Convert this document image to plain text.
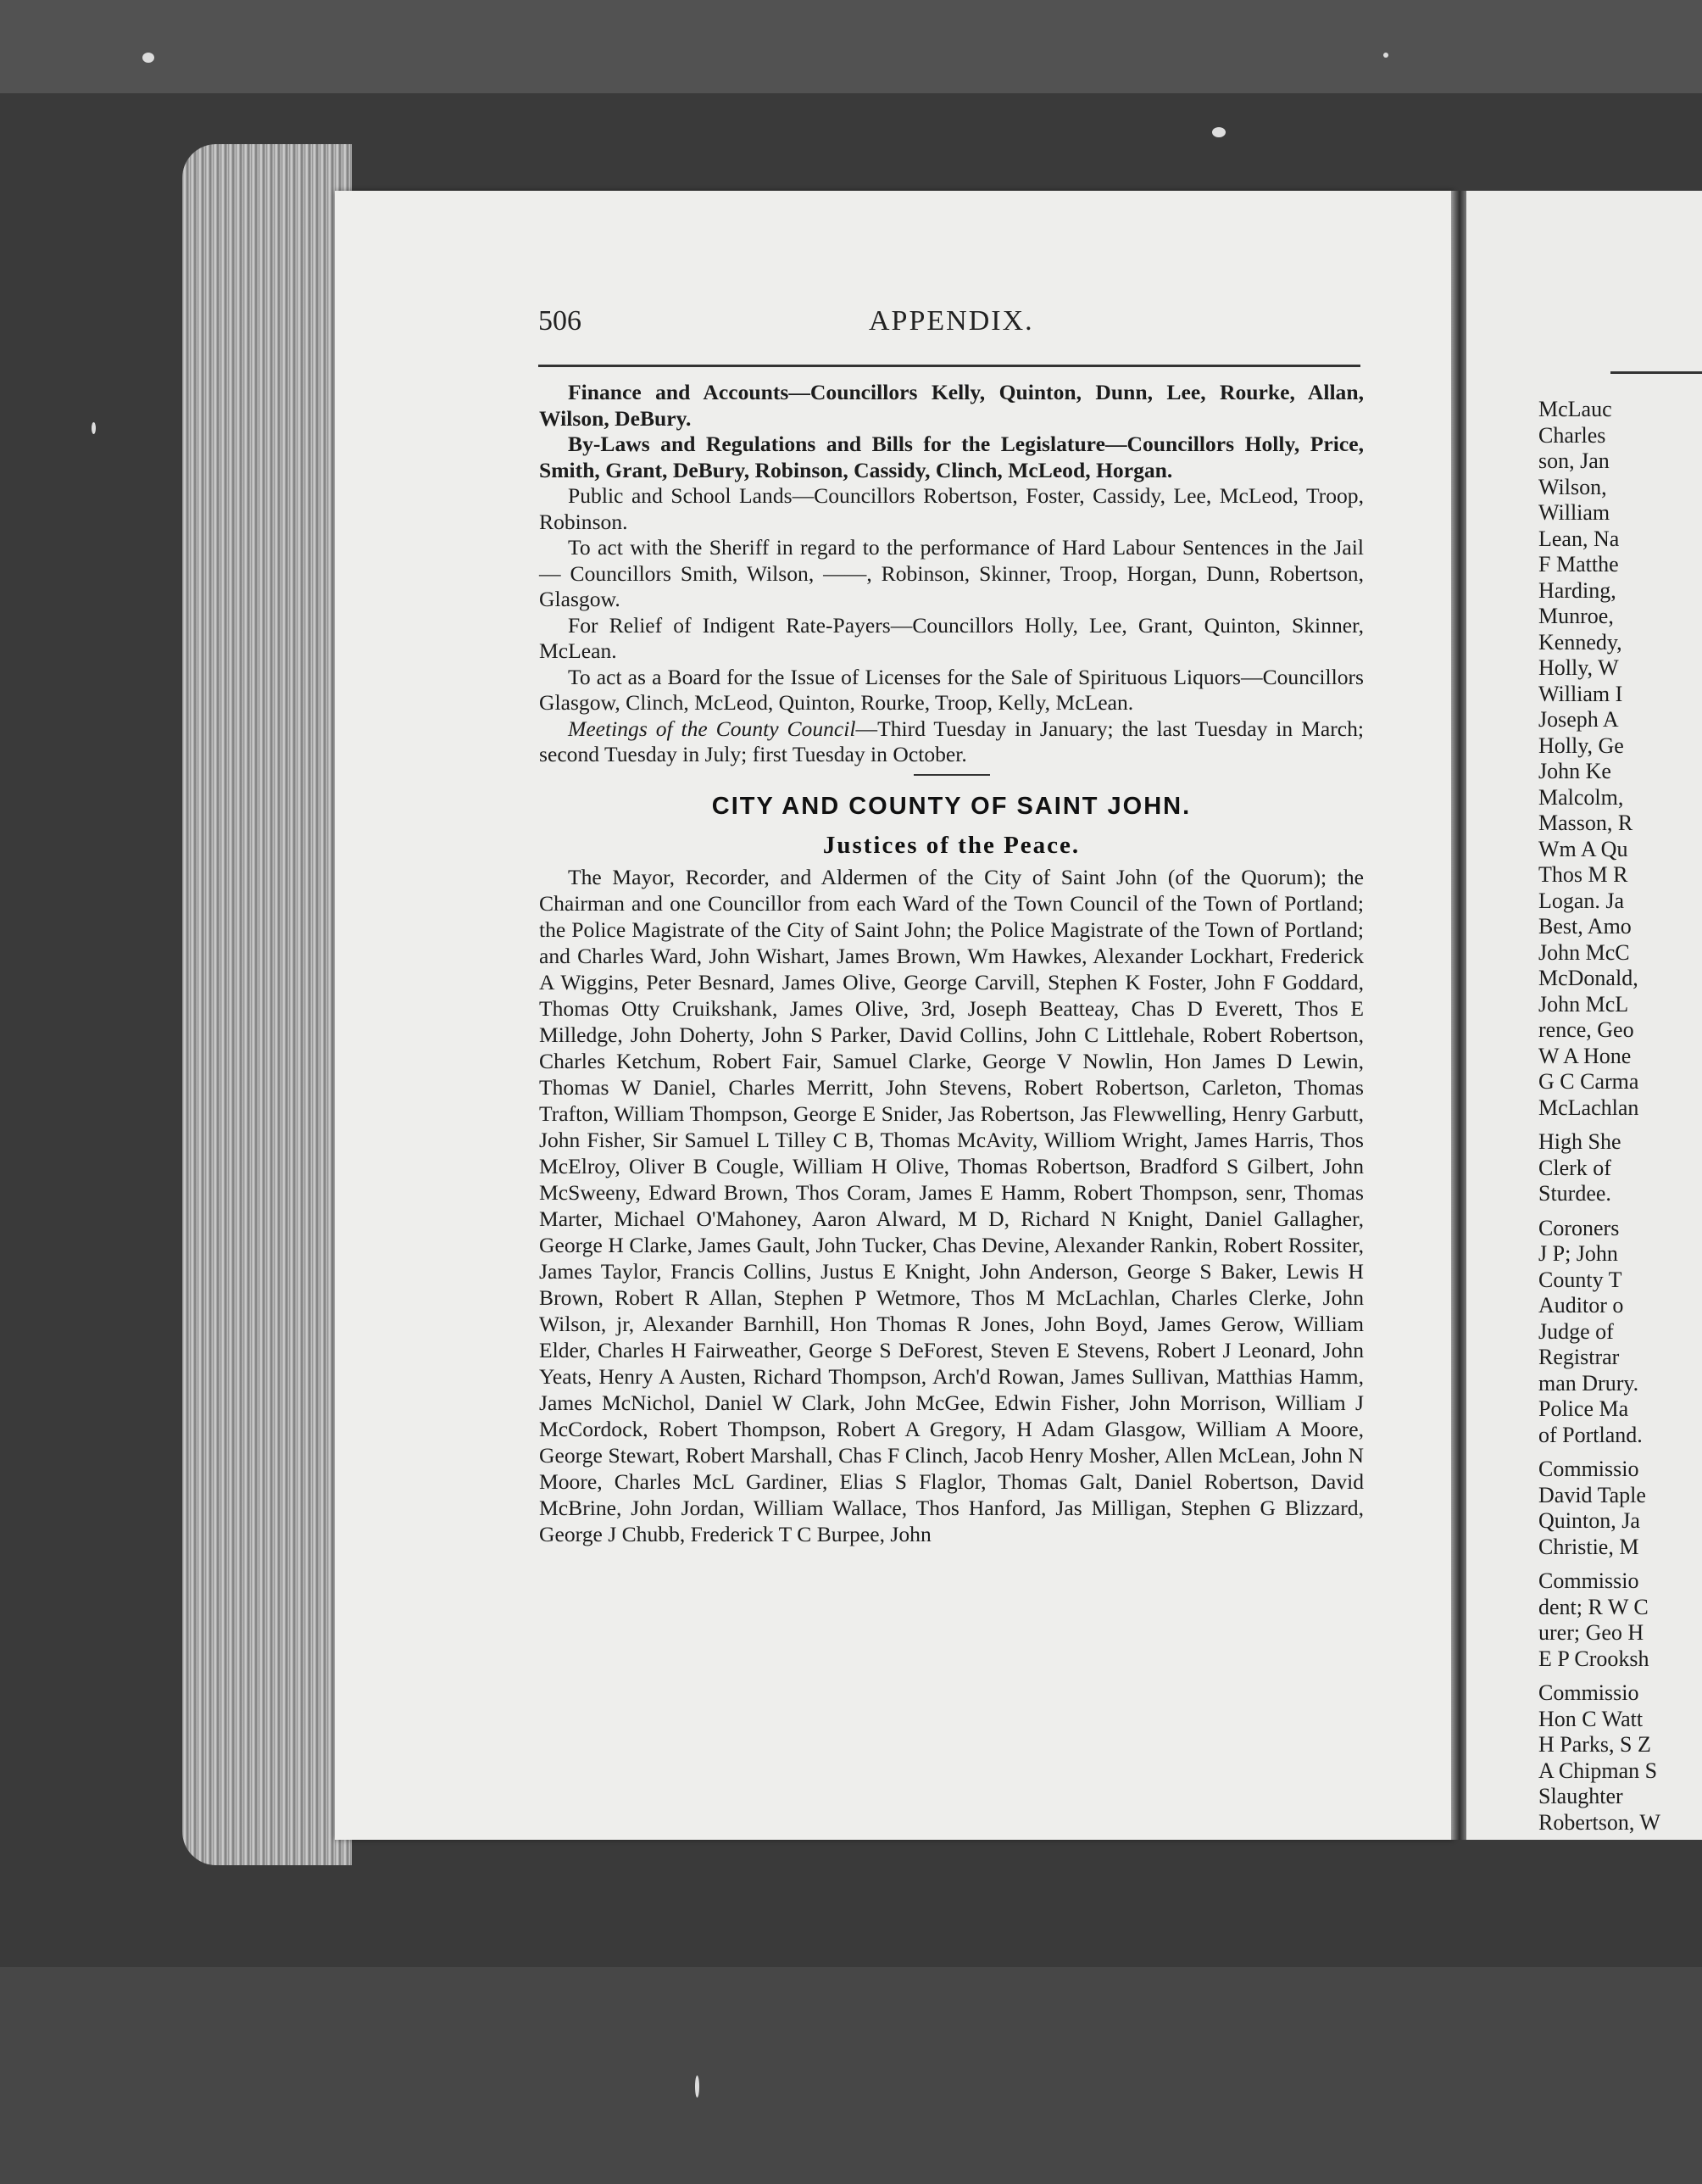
506	APPENDIX.

Finance and Accounts—Councillors Kelly, Quinton, Dunn, Lee, Rourke, Allan, Wilson, DeBury.

By-Laws and Regulations and Bills for the Legislature—Councillors Holly, Price, Smith, Grant, DeBury, Robinson, Cassidy, Clinch, McLeod, Horgan.

Public and School Lands—Councillors Robertson, Foster, Cassidy, Lee, McLeod, Troop, Robinson.

To act with the Sheriff in regard to the performance of Hard Labour Sentences in the Jail — Councillors Smith, Wilson, ——, Robinson, Skinner, Troop, Horgan, Dunn, Robertson, Glasgow.

For Relief of Indigent Rate-Payers—Councillors Holly, Lee, Grant, Quinton, Skinner, McLean.

To act as a Board for the Issue of Licenses for the Sale of Spirituous Liquors—Councillors Glasgow, Clinch, McLeod, Quinton, Rourke, Troop, Kelly, McLean.

Meetings of the County Council—Third Tuesday in January; the last Tuesday in March; second Tuesday in July; first Tuesday in October.

CITY AND COUNTY OF SAINT JOHN.
Justices of the Peace.

The Mayor, Recorder, and Aldermen of the City of Saint John (of the Quorum); the Chairman and one Councillor from each Ward of the Town Council of the Town of Portland; the Police Magistrate of the City of Saint John; the Police Magistrate of the Town of Portland; and Charles Ward, John Wishart, James Brown, Wm Hawkes, Alexander Lockhart, Frederick A Wiggins, Peter Besnard, James Olive, George Carvill, Stephen K Foster, John F Goddard, Thomas Otty Cruikshank, James Olive, 3rd, Joseph Beatteay, Chas D Everett, Thos E Milledge, John Doherty, John S Parker, David Collins, John C Littlehale, Robert Robertson, Charles Ketchum, Robert Fair, Samuel Clarke, George V Nowlin, Hon James D Lewin, Thomas W Daniel, Charles Merritt, John Stevens, Robert Robertson, Carleton, Thomas Trafton, William Thompson, George E Snider, Jas Robertson, Jas Flewwelling, Henry Garbutt, John Fisher, Sir Samuel L Tilley C B, Thomas McAvity, Williom Wright, James Harris, Thos McElroy, Oliver B Cougle, William H Olive, Thomas Robertson, Bradford S Gilbert, John McSweeny, Edward Brown, Thos Coram, James E Hamm, Robert Thompson, senr, Thomas Marter, Michael O'Mahoney, Aaron Alward, M D, Richard N Knight, Daniel Gallagher, George H Clarke, James Gault, John Tucker, Chas Devine, Alexander Rankin, Robert Rossiter, James Taylor, Francis Collins, Justus E Knight, John Anderson, George S Baker, Lewis H Brown, Robert R Allan, Stephen P Wetmore, Thos M McLachlan, Charles Clerke, John Wilson, jr, Alexander Barnhill, Hon Thomas R Jones, John Boyd, James Gerow, William Elder, Charles H Fairweather, George S DeForest, Steven E Stevens, Robert J Leonard, John Yeats, Henry A Austen, Richard Thompson, Arch'd Rowan, James Sullivan, Matthias Hamm, James McNichol, Daniel W Clark, John McGee, Edwin Fisher, John Morrison, William J McCordock, Robert Thompson, Robert A Gregory, H Adam Glasgow, William A Moore, George Stewart, Robert Marshall, Chas F Clinch, Jacob Henry Mosher, Allen McLean, John N Moore, Charles McL Gardiner, Elias S Flaglor, Thomas Galt, Daniel Robertson, David McBrine, John Jordan, William Wallace, Thos Hanford, Jas Milligan, Stephen G Blizzard, George J Chubb, Frederick T C Burpee, John

McLauc
Charles
son, Jan
Wilson,
William
Lean, Na
F Matthe
Harding,
Munroe,
Kennedy,
Holly, W
William I
Joseph A
Holly, Ge
John Ke
Malcolm,
Masson, R
Wm A Qu
Thos M R
Logan. Ja
Best, Amo
John McC
McDonald,
John McL
rence, Geo
W A Hone
G C Carma
McLachlan
High She
Clerk of
Sturdee.
Coroners
J P; John
County T
Auditor o
Judge of
Registrar
man Drury.
Police Ma
of Portland.
Commissio
David Taple
Quinton, Ja
Christie, M
Commissio
dent; R W C
urer; Geo H
E P Crooksh
Commissio
Hon C Watt
H Parks, S Z
A Chipman S
Slaughter
Robertson, W
